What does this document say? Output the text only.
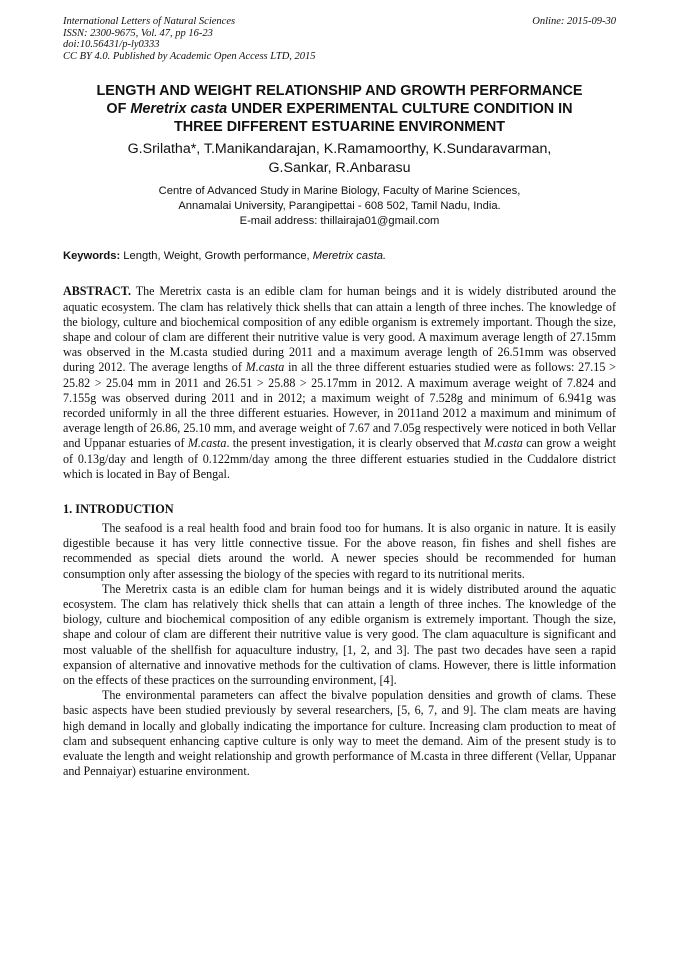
International Letters of Natural Sciences
ISSN: 2300-9675, Vol. 47, pp 16-23
doi:10.56431/p-ly0333
CC BY 4.0. Published by Academic Open Access LTD, 2015
Online: 2015-09-30
LENGTH AND WEIGHT RELATIONSHIP AND GROWTH PERFORMANCE
OF Meretrix casta UNDER EXPERIMENTAL CULTURE CONDITION IN
THREE DIFFERENT ESTUARINE ENVIRONMENT
G.Srilatha*, T.Manikandarajan, K.Ramamoorthy, K.Sundaravarman,
G.Sankar, R.Anbarasu
Centre of Advanced Study in Marine Biology, Faculty of Marine Sciences,
Annamalai University, Parangipettai - 608 502, Tamil Nadu, India.
E-mail address: thillairaja01@gmail.com
Keywords: Length, Weight, Growth performance, Meretrix casta.
ABSTRACT. The Meretrix casta is an edible clam for human beings and it is widely distributed around the aquatic ecosystem. The clam has relatively thick shells that can attain a length of three inches. The knowledge of the biology, culture and biochemical composition of any edible organism is extremely important. Though the size, shape and colour of clam are different their nutritive value is very good. A maximum average length of 27.15mm was observed in the M.casta studied during 2011 and a maximum average length of 26.51mm was observed during 2012. The average lengths of M.casta in all the three different estuaries studied were as follows: 27.15 > 25.82 > 25.04 mm in 2011 and 26.51 > 25.88 > 25.17mm in 2012. A maximum average weight of 7.824 and 7.155g was observed during 2011 and in 2012; a maximum weight of 7.528g and minimum of 6.941g was recorded uniformly in all the three different estuaries. However, in 2011and 2012 a maximum and minimum of average length of 26.86, 25.10 mm, and average weight of 7.67 and 7.05g respectively were noticed in both Vellar and Uppanar estuaries of M.casta. the present investigation, it is clearly observed that M.casta can grow a weight of 0.13g/day and length of 0.122mm/day among the three different estuaries studied in the Cuddalore district which is located in Bay of Bengal.
1. INTRODUCTION

The seafood is a real health food and brain food too for humans. It is also organic in nature. It is easily digestible because it has very little connective tissue. For the above reason, fin fishes and shell fishes are recommended as special diets around the world. A newer species should be recommended for human consumption only after assessing the biology of the species with regard to its nutritional merits.

The Meretrix casta is an edible clam for human beings and it is widely distributed around the aquatic ecosystem. The clam has relatively thick shells that can attain a length of three inches. The knowledge of the biology, culture and biochemical composition of any edible organism is extremely important. Though the size, shape and colour of clam are different their nutritive value is very good. The clam aquaculture is significant and most valuable of the shellfish for aquaculture industry, [1, 2, and 3]. The past two decades have seen a rapid expansion of alternative and innovative methods for the cultivation of clams. However, there is little information on the effects of these practices on the surrounding environment, [4].

The environmental parameters can affect the bivalve population densities and growth of clams. These basic aspects have been studied previously by several researchers, [5, 6, 7, and 9]. The clam meats are having high demand in locally and globally indicating the importance for culture. Increasing clam production to meat of clam and subsequent enhancing captive culture is only way to meet the demand. Aim of the present study is to evaluate the length and weight relationship and growth performance of M.casta in three different (Vellar, Uppanar and Pennaiyar) estuarine environment.
